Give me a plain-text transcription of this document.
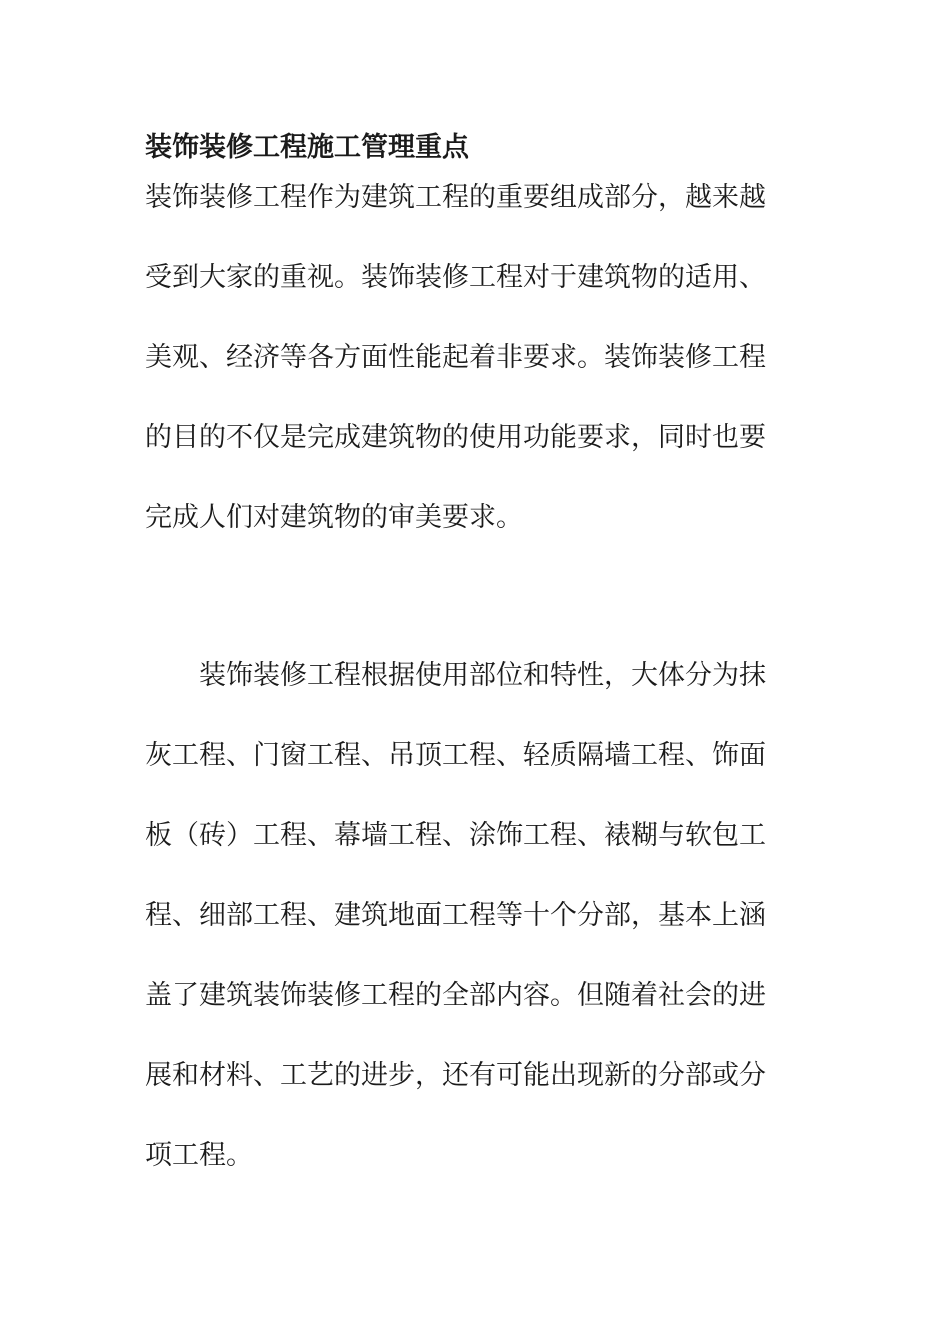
装饰装修工程施工管理重点
装饰装修工程作为建筑工程的重要组成部分，越来越
受到大家的重视。装饰装修工程对于建筑物的适用、
美观、经济等各方面性能起着非要求。装饰装修工程
的目的不仅是完成建筑物的使用功能要求，同时也要
完成人们对建筑物的审美要求。
　　装饰装修工程根据使用部位和特性，大体分为抹
灰工程、门窗工程、吊顶工程、轻质隔墙工程、饰面
板（砖）工程、幕墙工程、涂饰工程、裱糊与软包工
程、细部工程、建筑地面工程等十个分部，基本上涵
盖了建筑装饰装修工程的全部内容。但随着社会的进
展和材料、工艺的进步，还有可能出现新的分部或分
项工程。
